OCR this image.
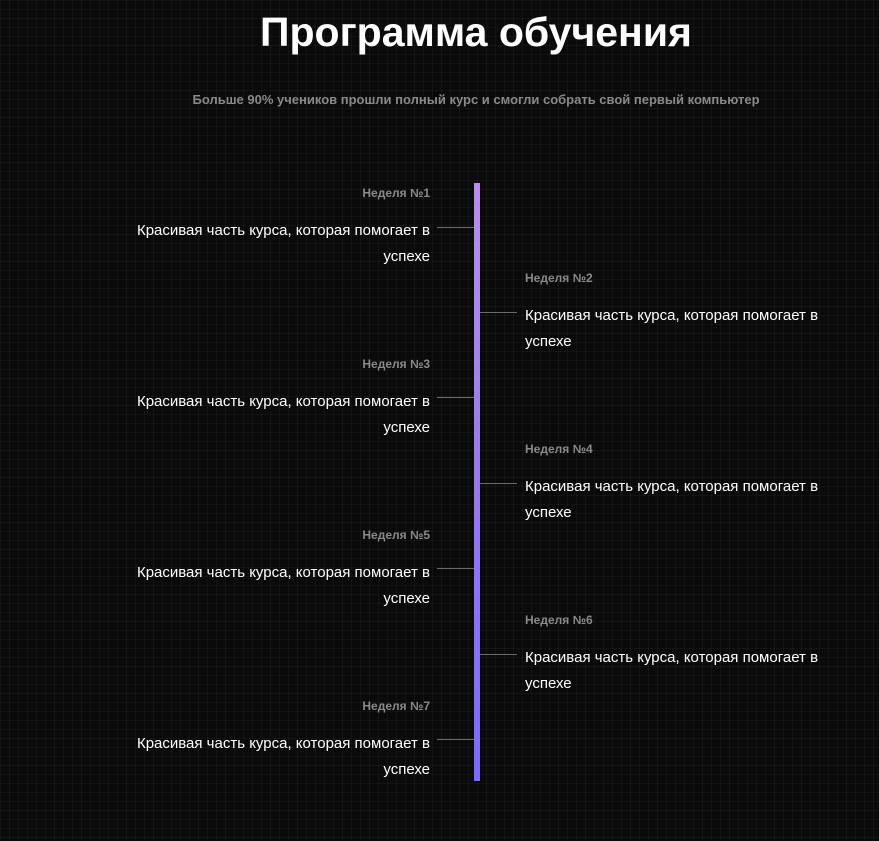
Программа обучения

Больше 90% учеников прошли полный курс и смогли собрать свой первый компьютер

Неделя №1

Красивая часть курса, которая помогает в успехе

Неделя №2

Красивая часть курса, которая помогает в успехе

Неделя №3

Красивая часть курса, которая помогает в успехе

Неделя №4

Красивая часть курса, которая помогает в успехе

Неделя №5

Красивая часть курса, которая помогает в успехе

Неделя №6

Красивая часть курса, которая помогает в успехе

Неделя №7

Красивая часть курса, которая помогает в успехе
